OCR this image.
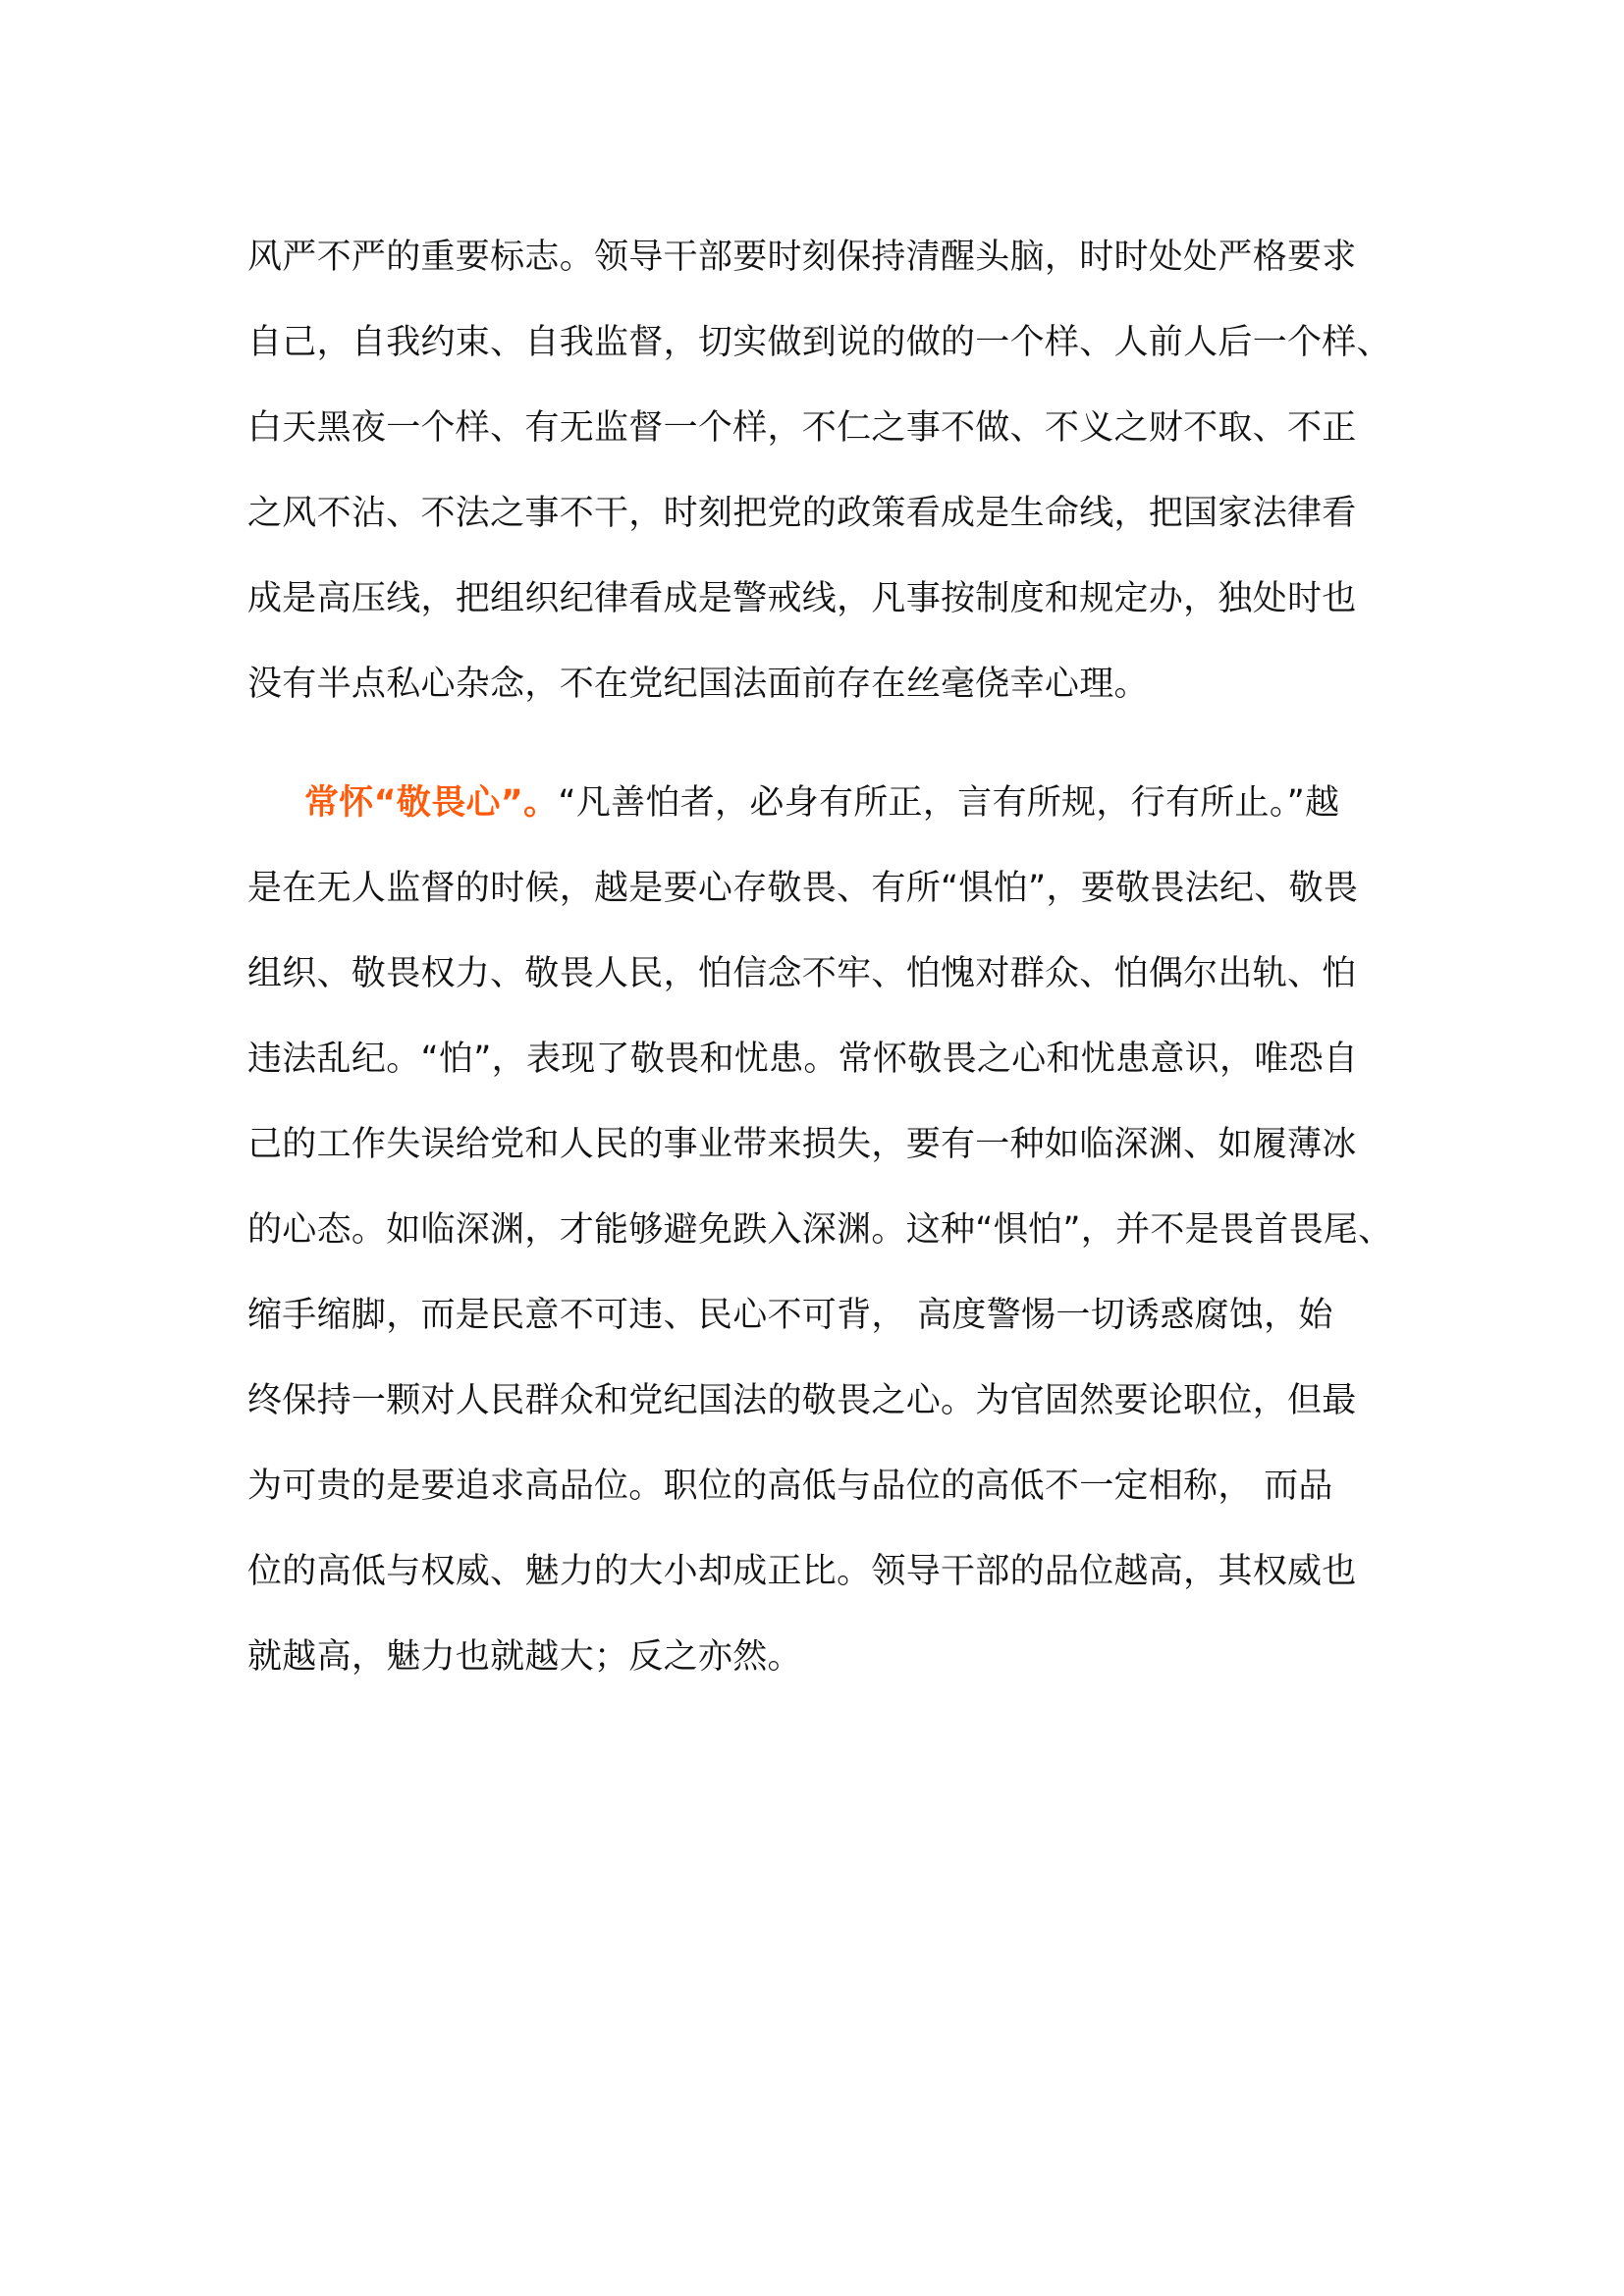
风严不严的重要标志。领导干部要时刻保持清醒头脑，时时处处严格要求
自己，自我约束、自我监督，切实做到说的做的一个样、人前人后一个样、
白天黑夜一个样、有无监督一个样，不仁之事不做、不义之财不取、不正
之风不沾、不法之事不干，时刻把党的政策看成是生命线，把国家法律看
成是高压线，把组织纪律看成是警戒线，凡事按制度和规定办，独处时也
没有半点私心杂念，不在党纪国法面前存在丝毫侥幸心理。
常怀“敬畏心”。“凡善怕者，必身有所正，言有所规，行有所止。”越
是在无人监督的时候，越是要心存敬畏、有所“惧怕”，要敬畏法纪、敬畏
组织、敬畏权力、敬畏人民，怕信念不牢、怕愧对群众、怕偶尔出轨、怕
违法乱纪。“怕”，表现了敬畏和忧患。常怀敬畏之心和忧患意识，唯恐自
己的工作失误给党和人民的事业带来损失，要有一种如临深渊、如履薄冰
的心态。如临深渊，才能够避免跌入深渊。这种“惧怕”，并不是畏首畏尾、
缩手缩脚，而是民意不可违、民心不可背， 高度警惕一切诱惑腐蚀，始
终保持一颗对人民群众和党纪国法的敬畏之心。为官固然要论职位，但最
为可贵的是要追求高品位。职位的高低与品位的高低不一定相称， 而品
位的高低与权威、魅力的大小却成正比。领导干部的品位越高，其权威也
就越高，魅力也就越大；反之亦然。
